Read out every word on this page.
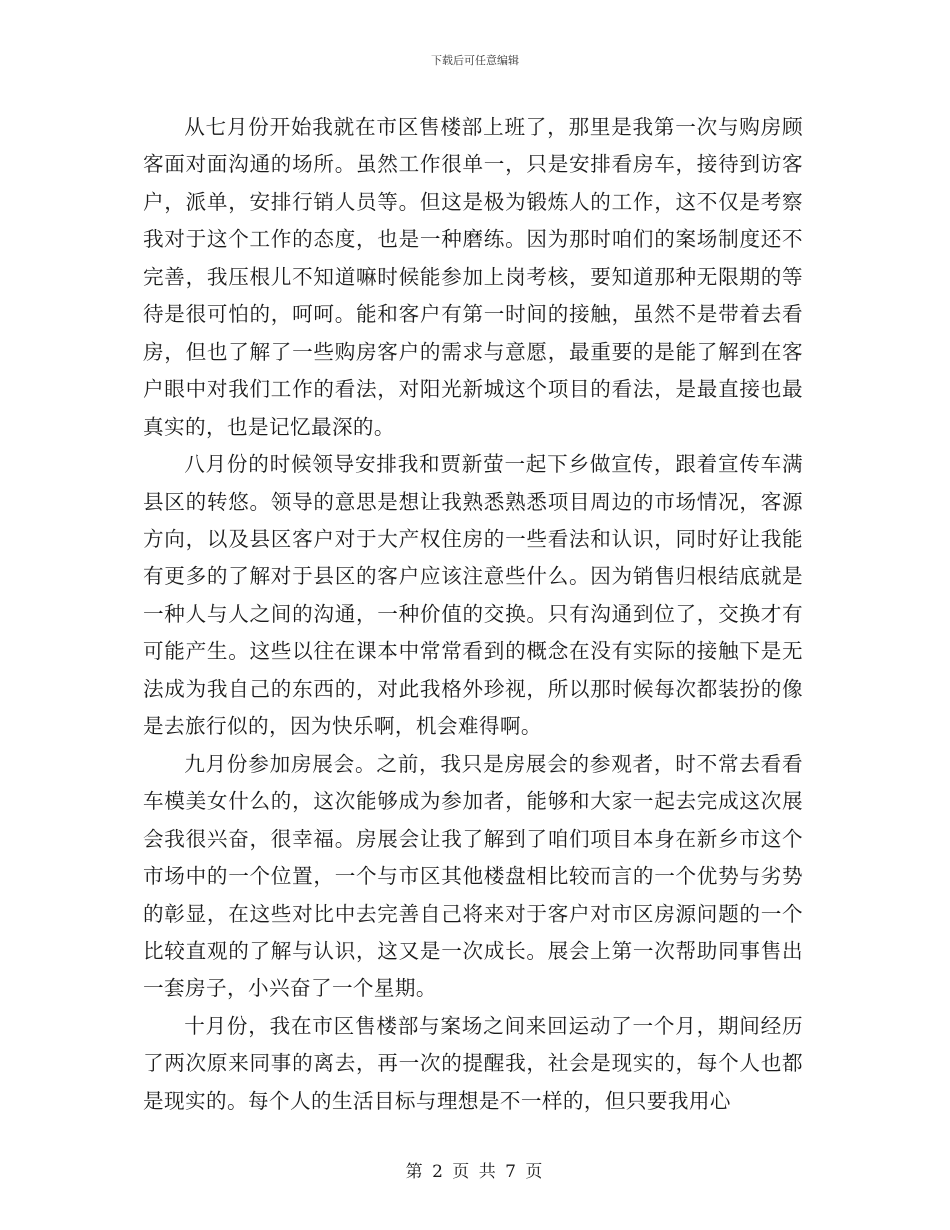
下载后可任意编辑

从七月份开始我就在市区售楼部上班了，那里是我第一次与购房顾客面对面沟通的场所。虽然工作很单一，只是安排看房车，接待到访客户，派单，安排行销人员等。但这是极为锻炼人的工作，这不仅是考察我对于这个工作的态度，也是一种磨练。因为那时咱们的案场制度还不完善，我压根儿不知道嘛时候能参加上岗考核，要知道那种无限期的等待是很可怕的，呵呵。能和客户有第一时间的接触，虽然不是带着去看房，但也了解了一些购房客户的需求与意愿，最重要的是能了解到在客户眼中对我们工作的看法，对阳光新城这个项目的看法，是最直接也最真实的，也是记忆最深的。

八月份的时候领导安排我和贾新萤一起下乡做宣传，跟着宣传车满县区的转悠。领导的意思是想让我熟悉熟悉项目周边的市场情况，客源方向，以及县区客户对于大产权住房的一些看法和认识，同时好让我能有更多的了解对于县区的客户应该注意些什么。因为销售归根结底就是一种人与人之间的沟通，一种价值的交换。只有沟通到位了，交换才有可能产生。这些以往在课本中常常看到的概念在没有实际的接触下是无法成为我自己的东西的，对此我格外珍视，所以那时候每次都装扮的像是去旅行似的，因为快乐啊，机会难得啊。

九月份参加房展会。之前，我只是房展会的参观者，时不常去看看车模美女什么的，这次能够成为参加者，能够和大家一起去完成这次展会我很兴奋，很幸福。房展会让我了解到了咱们项目本身在新乡市这个市场中的一个位置，一个与市区其他楼盘相比较而言的一个优势与劣势的彰显，在这些对比中去完善自己将来对于客户对市区房源问题的一个比较直观的了解与认识，这又是一次成长。展会上第一次帮助同事售出一套房子，小兴奋了一个星期。

十月份，我在市区售楼部与案场之间来回运动了一个月，期间经历了两次原来同事的离去，再一次的提醒我，社会是现实的，每个人也都是现实的。每个人的生活目标与理想是不一样的，但只要我用心

第 2 页 共 7 页
